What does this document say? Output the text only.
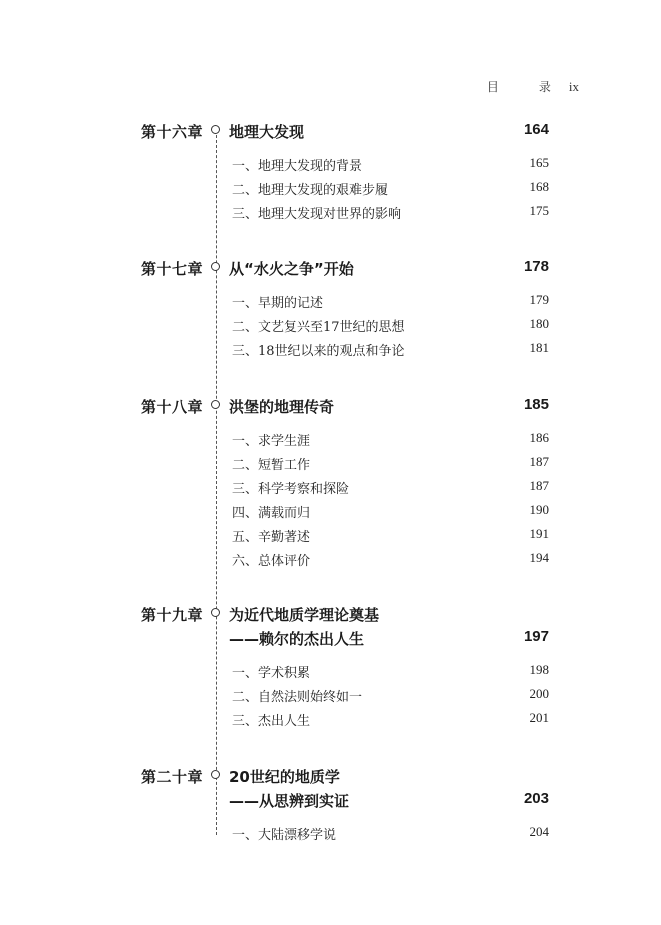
目　录 ix
第十六章 地理大发现	164
一、地理大发现的背景	165
二、地理大发现的艰难步履	168
三、地理大发现对世界的影响	175
第十七章 从“水火之争”开始	178
一、早期的记述	179
二、文艺复兴至17世纪的思想	180
三、18世纪以来的观点和争论	181
第十八章 洪堡的地理传奇	185
一、求学生涯	186
二、短暂工作	187
三、科学考察和探险	187
四、满载而归	190
五、辛勤著述	191
六、总体评价	194
第十九章 为近代地质学理论奠基
——赖尔的杰出人生	197
一、学术积累	198
二、自然法则始终如一	200
三、杰出人生	201
第二十章 20世纪的地质学
——从思辨到实证	203
一、大陆漂移学说	204
